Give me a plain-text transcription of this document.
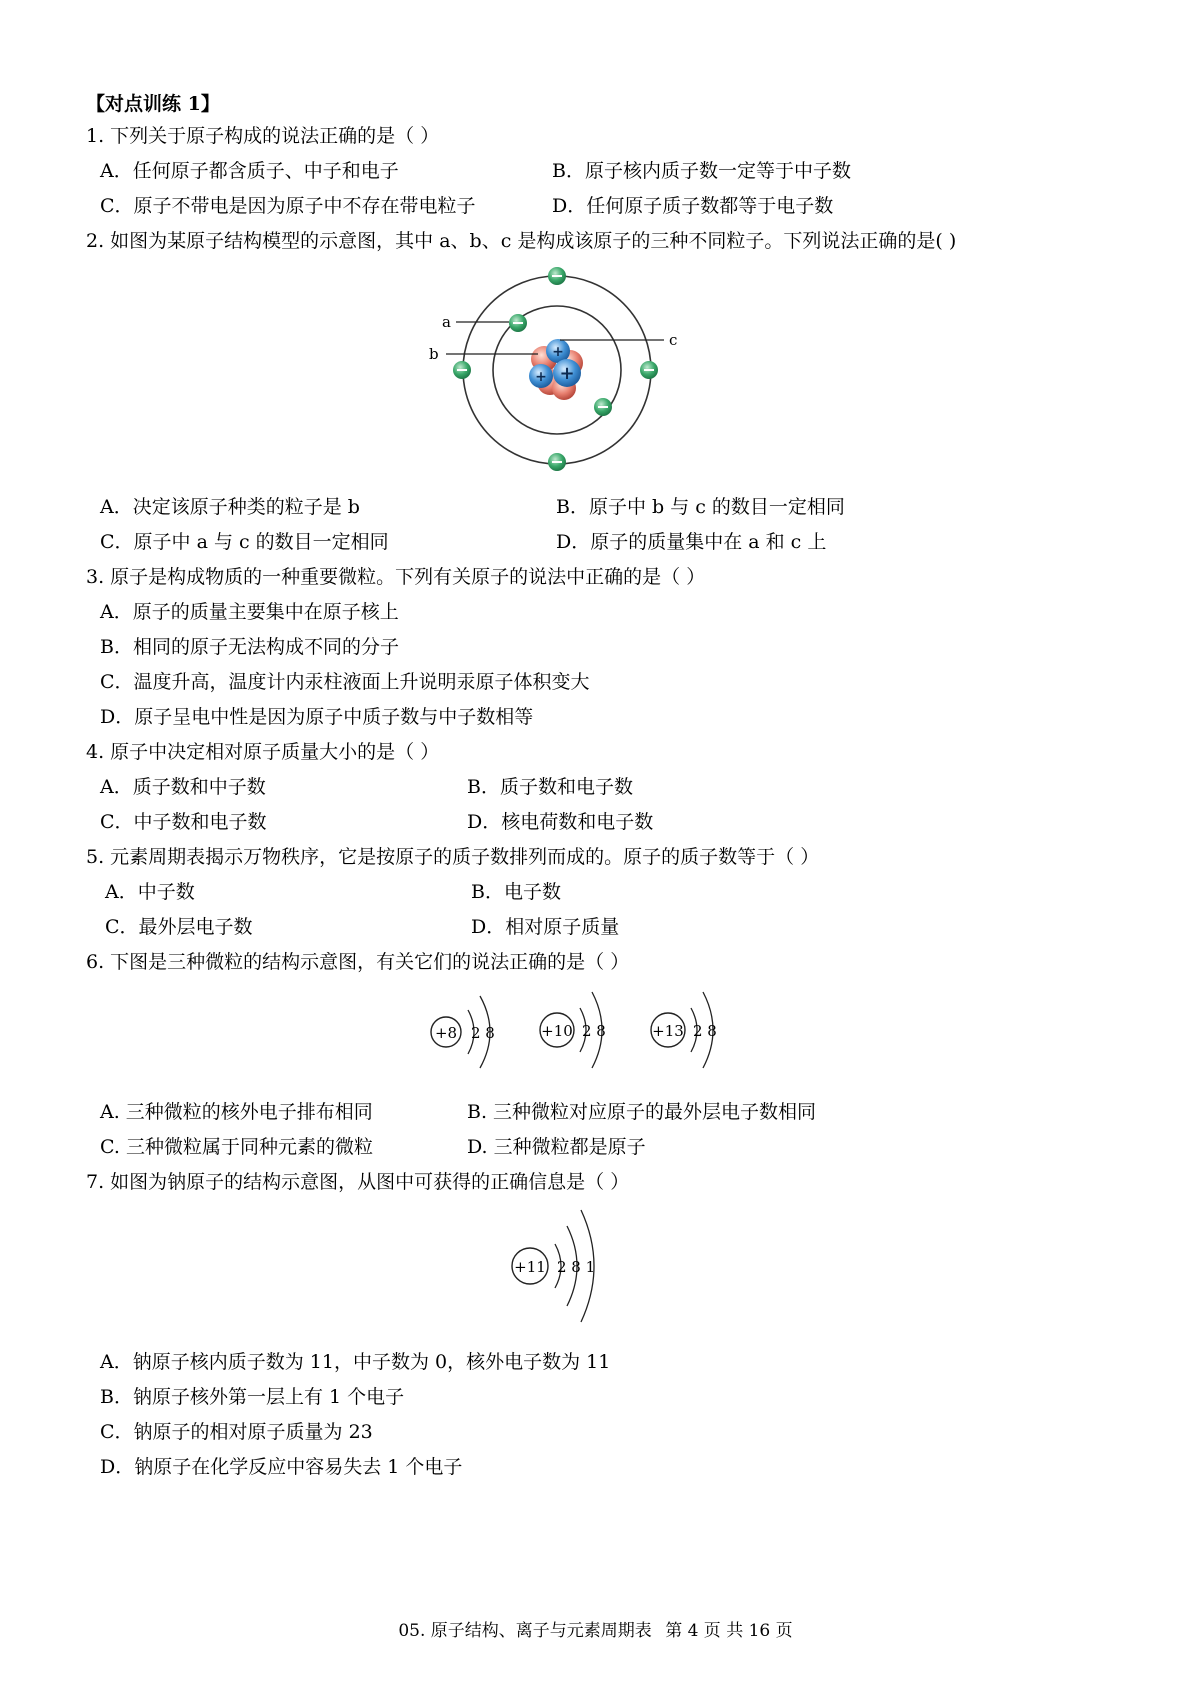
【对点训练 1】
1. 下列关于原子构成的说法正确的是（ ）
A．任何原子都含质子、中子和电子	B．原子核内质子数一定等于中子数
C．原子不带电是因为原子中不存在带电粒子	D．任何原子质子数都等于电子数
2. 如图为某原子结构模型的示意图，其中 a、b、c 是构成该原子的三种不同粒子。下列说法正确的是( )
+
+
+
a
b
c
A．决定该原子种类的粒子是 b	B．原子中 b 与 c 的数目一定相同
C．原子中 a 与 c 的数目一定相同	D．原子的质量集中在 a 和 c 上
3. 原子是构成物质的一种重要微粒。下列有关原子的说法中正确的是（ ）
A．原子的质量主要集中在原子核上
B．相同的原子无法构成不同的分子
C．温度升高，温度计内汞柱液面上升说明汞原子体积变大
D．原子呈电中性是因为原子中质子数与中子数相等
4. 原子中决定相对原子质量大小的是（ ）
A．质子数和中子数	B．质子数和电子数
C．中子数和电子数	D．核电荷数和电子数
5. 元素周期表揭示万物秩序，它是按原子的质子数排列而成的。原子的质子数等于（ ）
A．中子数	B．电子数
C．最外层电子数	D．相对原子质量
6. 下图是三种微粒的结构示意图，有关它们的说法正确的是（ ）
+8 2 8	+10 2 8	+13 2 8
A. 三种微粒的核外电子排布相同	B. 三种微粒对应原子的最外层电子数相同
C. 三种微粒属于同种元素的微粒	D. 三种微粒都是原子
7. 如图为钠原子的结构示意图，从图中可获得的正确信息是（ ）
+11 2 8 1
A．钠原子核内质子数为 11，中子数为 0，核外电子数为 11
B．钠原子核外第一层上有 1 个电子
C．钠原子的相对原子质量为 23
D．钠原子在化学反应中容易失去 1 个电子
05. 原子结构、离子与元素周期表 第 4 页 共 16 页
